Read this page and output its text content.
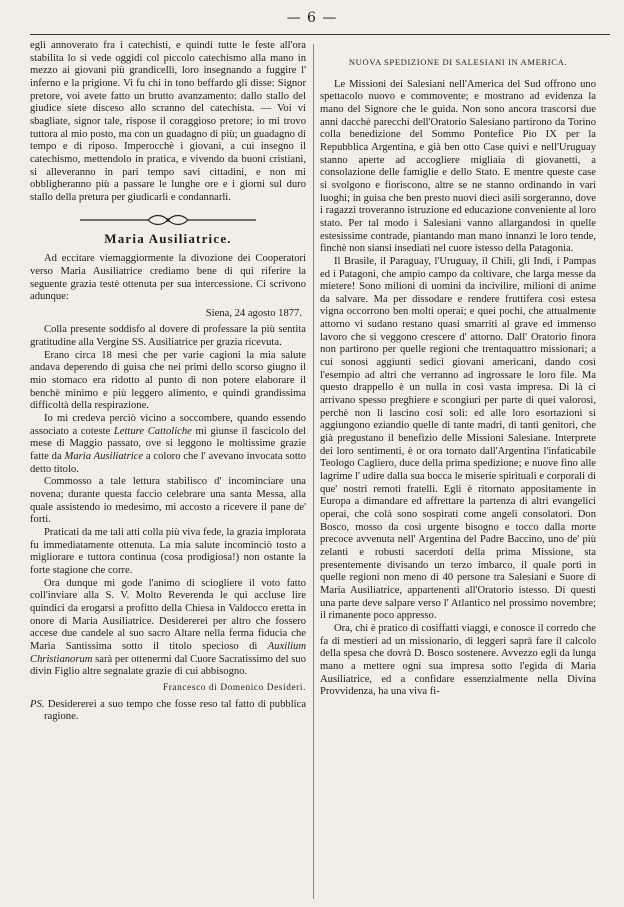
— 6 —

egli annoverato fra i catechisti, e quindi tutte le feste all'ora stabilita lo si vede oggidì col piccolo catechismo alla mano in mezzo ai giovani più grandicelli, loro insegnando a fuggire l' inferno e la prigione. Vi fu chi in tono beffardo gli disse: Signor pretore, voi avete fatto un brutto avanzamento: dallo stallo del giudice siete disceso allo scranno del catechista. — Voi vi sbagliate, signor tale, rispose il coraggioso pretore; io mi trovo tuttora al mio posto, ma con un guadagno di più; un guadagno di tempo e di riposo. Imperocchè i giovani, a cui insegno il catechismo, mettendolo in pratica, e vivendo da buoni cristiani, si alleveranno in pari tempo savi cittadini, e non mi obbligheranno più a passare le lunghe ore e i giorni sul duro stallo della pretura per giudicarli e condannarli.

Maria Ausiliatrice.

Ad eccitare viemaggiormente la divozione dei Cooperatori verso Maria Ausiliatrice crediamo bene di qui riferire la seguente grazia testè ottenuta per sua intercessione. Ci scrivono adunque:

Siena, 24 agosto 1877.

Colla presente soddisfo al dovere di professare la più sentita gratitudine alla Vergine SS. Ausiliatrice per grazia ricevuta.

Erano circa 18 mesi che per varie cagioni la mia salute andava deperendo di guisa che nei primi dello scorso giugno il mio stomaco era ridotto al punto di non potere elaborare il benchè minimo e più leggero alimento, e quindi grandissima difficoltà della respirazione.

Io mi credeva perciò vicino a soccombere, quando essendo associato a coteste Letture Cattoliche mi giunse il fascicolo del mese di Maggio passato, ove si leggono le moltissime grazie fatte da Maria Ausiliatrice a coloro che l' avevano invocata sotto detto titolo.

Commosso a tale lettura stabilisco d' incominciare una novena; durante questa faccio celebrare una santa Messa, alla quale assistendo io medesimo, mi accosto a ricevere il pane de' forti.

Praticati da me tali atti colla più viva fede, la grazia implorata fu immediatamente ottenuta. La mia salute incominciò tosto a migliorare e tuttora continua (cosa prodigiosa!) non ostante la forte stagione che corre.

Ora dunque mi gode l'animo di sciogliere il voto fatto coll'inviare alla S. V. Molto Reverenda le qui accluse lire quindici da erogarsi a profitto della Chiesa in Valdocco eretta in onore di Maria Ausiliatrice. Desidererei per altro che fossero accese due candele al suo sacro Altare nella ferma fiducia che Maria Santissima sotto il titolo specioso di Auxilium Christianorum sarà per ottenermi dal Cuore Sacratissimo del suo divin Figlio altre segnalate grazie di cui abbisogno.

Francesco di Domenico Desideri.

PS. Desidererei a suo tempo che fosse reso tal fatto di pubblica ragione.

NUOVA SPEDIZIONE DI SALESIANI IN AMERICA.

Le Missioni dei Salesiani nell'America del Sud offrono uno spettacolo nuovo e commovente; e mostrano ad evidenza la mano del Signore che le guida. Non sono ancora trascorsi due anni dacchè parecchi dell'Oratorio Salesiano partirono da Torino colla benedizione del Sommo Pontefice Pio IX per la Repubblica Argentina, e già ben otto Case quivi e nell'Uruguay stanno aperte ad accogliere migliaia di giovanetti, a consolazione delle famiglie e dello Stato. E mentre queste case si svolgono e fioriscono, altre se ne stanno ordinando in vari luoghi; in guisa che ben presto nuovi dieci asili sorgeranno, dove i ragazzi troveranno istruzione ed educazione conveniente al loro stato. Per tal modo i Salesiani vanno allargandosi in quelle estesissime contrade, piantando man mano innanzi le loro tende, finchè non siansi insediati nel cuore istesso della Patagonia.

Il Brasile, il Paraguay, l'Uruguay, il Chilì, gli Indi, i Pampas ed i Patagoni, che ampio campo da coltivare, che larga messe da mietere! Sono milioni di uomini da incivilire, milioni di anime da salvare. Ma per dissodare e rendere fruttifera così estesa vigna occorrono ben molti operai; e quei pochi, che attualmente attorno vi sudano restano quasi smarriti al grave ed immenso lavoro che si veggono crescere d' attorno. Dall' Oratorio finora non partirono per quelle regioni che trentaquattro missionari; a cui sonosi aggiunti sedici giovani americani, dando così l'esempio ad altri che verranno ad ingrossare le loro file. Ma questo drappello è un nulla in così vasta impresa. Di là ci arrivano spesso preghiere e scongiuri per parte di quei valorosi, perchè non li lascino così soli: ed alle loro esortazioni si aggiungono eziandio quelle di tante madri, di tanti genitori, che già pregustano il benefizio delle Missioni Salesiane. Interprete dei loro sentimenti, è or ora tornato dall'Argentina l'infaticabile Teologo Cagliero, duce della prima spedizione; e nuove fino alle lagrime l' udire dalla sua bocca le miserie spirituali e corporali di que' nostri remoti fratelli. Egli è ritornato appositamente in Europa a dimandare ed affrettare la partenza di altri evangelici operai, che colà sono sospirati come angeli consolatori. Don Bosco, mosso da così urgente bisogno e tocco dalla morte precoce avvenuta nell' Argentina del Padre Baccino, uno de' più zelanti e robusti sacerdoti della prima Missione, sta presentemente divisando un terzo imbarco, il quale porti in quelle regioni non meno di 40 persone tra Salesiani e Suore di Maria Ausiliatrice, appartenenti all'Oratorio istesso. Di questi una parte deve salpare verso l' Atlantico nel prossimo novembre; il rimanente poco appresso.

Ora, chi è pratico di cosiffatti viaggi, e conosce il corredo che fa di mestieri ad un missionario, di leggeri saprà fare il calcolo della spesa che dovrà D. Bosco sostenere. Avvezzo egli da lunga mano a mettere ogni sua impresa sotto l'egida di Maria Ausiliatrice, ed a confidare essenzialmente nella Divina Provvidenza, ha una viva fi-
